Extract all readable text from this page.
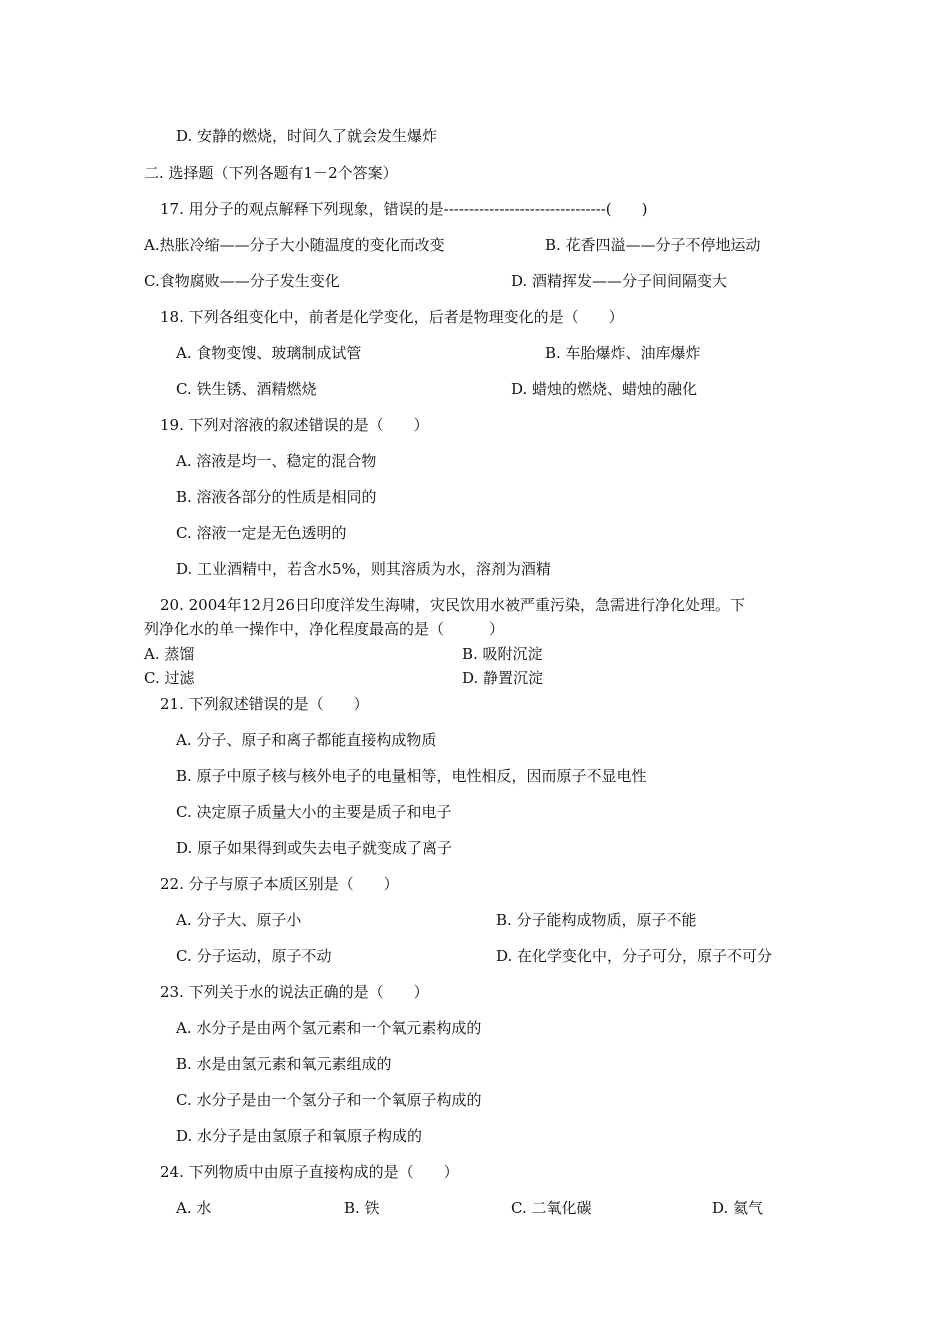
D. 安静的燃烧，时间久了就会发生爆炸
二. 选择题（下列各题有1－2个答案）
17. 用分子的观点解释下列现象，错误的是--------------------------------(　　)
A.热胀冷缩——分子大小随温度的变化而改变	B. 花香四溢——分子不停地运动
C.食物腐败——分子发生变化	D. 酒精挥发——分子间间隔变大
18. 下列各组变化中，前者是化学变化，后者是物理变化的是（　　）
A. 食物变馊、玻璃制成试管	B. 车胎爆炸、油库爆炸
C. 铁生锈、酒精燃烧	D. 蜡烛的燃烧、蜡烛的融化
19. 下列对溶液的叙述错误的是（　　）
A. 溶液是均一、稳定的混合物
B. 溶液各部分的性质是相同的
C. 溶液一定是无色透明的
D. 工业酒精中，若含水5%，则其溶质为水，溶剂为酒精
20. 2004年12月26日印度洋发生海啸，灾民饮用水被严重污染，急需进行净化处理。下
列净化水的单一操作中，净化程度最高的是（　　　）
A. 蒸馏	B. 吸附沉淀
C. 过滤	D. 静置沉淀
21. 下列叙述错误的是（　　）
A. 分子、原子和离子都能直接构成物质
B. 原子中原子核与核外电子的电量相等，电性相反，因而原子不显电性
C. 决定原子质量大小的主要是质子和电子
D. 原子如果得到或失去电子就变成了离子
22. 分子与原子本质区别是（　　）
A. 分子大、原子小	B. 分子能构成物质，原子不能
C. 分子运动，原子不动	D. 在化学变化中，分子可分，原子不可分
23. 下列关于水的说法正确的是（　　）
A. 水分子是由两个氢元素和一个氧元素构成的
B. 水是由氢元素和氧元素组成的
C. 水分子是由一个氢分子和一个氧原子构成的
D. 水分子是由氢原子和氧原子构成的
24. 下列物质中由原子直接构成的是（　　）
A. 水	B. 铁	C. 二氧化碳	D. 氦气
